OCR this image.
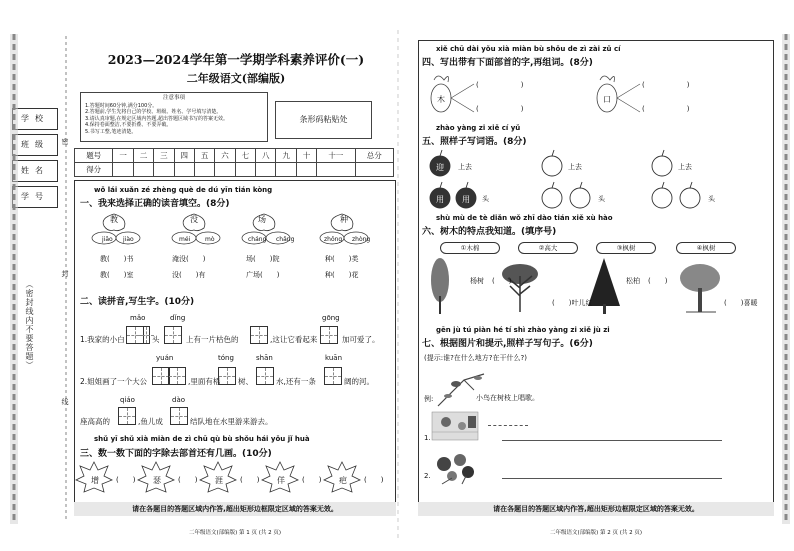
学校
班级
姓名
学号
（密封线内不要答题）
密
封
线
2023—2024学年第一学期学科素养评价(一)
二年级语文(部编版)
注意事项
1.答题时间60分钟,满分100分。
2.答题前,学生先将自己的学校、班级、姓名、学号填写清楚。
3.请认真审题,在规定区域内答题,超出答题区域书写的答案无效。
4.保持卷面整洁,不要折叠、不要弄破。
5.书写工整,笔迹清楚。
条形码粘贴处
题号	一	二	三	四	五	六	七	八	九	十	十一	总分
得分												
wǒ lái xuǎn zé zhèng què de dú yīn tián kòng
一、我来选择正确的读音填空。(8分)
教
jiāo jiào
没
méi mò
场
cháng chǎng
种
zhǒng zhòng
教(　　)书	淹没(　　)	场(　　)院	种(　　)类
教(　　)室	没(　　)有	广场(　　)	种(　　)花
二、读拼音,写生字。(10分)
mǎo	dǐng	gōng
1.我家的小白	头	上有一片枯色的	,这让它看起来	加可爱了。
yuán	tóng	shān	kuān
2.姐姐画了一个大公	,里面有梧 树、	水,还有一条	阔的河。
qiáo	dào
座高高的	,鱼儿成	结队地在水里游来游去。
shǔ yī shǔ xià miàn de zì chū qù bù shǒu hái yǒu jǐ huà
三、数一数下面的字除去部首还有几画。(10分)
(　　)	(　　)	(　　)	(　　)	(　　)
增	瑟	涯	佯	疤
请在各题目的答题区域内作答,超出矩形边框限定区域的答案无效。
二年级语文(部编版) 第 1 页 (共 2 页)
xiě chū dài yǒu xià miàn bù shǒu de zì zài zǔ cí
四、写出带有下面部首的字,再组词。(8分)
木	口
(　　　　　　)
(　　　　　　)
(　　　　　　)
(　　　　　　)
zhào yàng zi xiě cí yǔ
五、照样子写词语。(8分)
迎 上去	上去	上去
用 用 头	头	头
shù mù de tè diǎn wǒ zhī dào tián xiě xù hào
六、树木的特点我知道。(填序号)
①木棉	②高大	③枫树	④枫树
杨树 (　　)
(　　)叶儿红
松柏 (　　)
(　　)喜暖
gēn jù tú piàn hé tí shì zhào yàng zi xiě jù zi
七、根据图片和提示,照样子写句子。(6分)
(提示:谁?在什么地方?在干什么?)
例:	小鸟在树枝上唱歌。
1.
2.
请在各题目的答题区域内作答,超出矩形边框限定区域的答案无效。
二年级语文(部编版) 第 2 页 (共 2 页)
